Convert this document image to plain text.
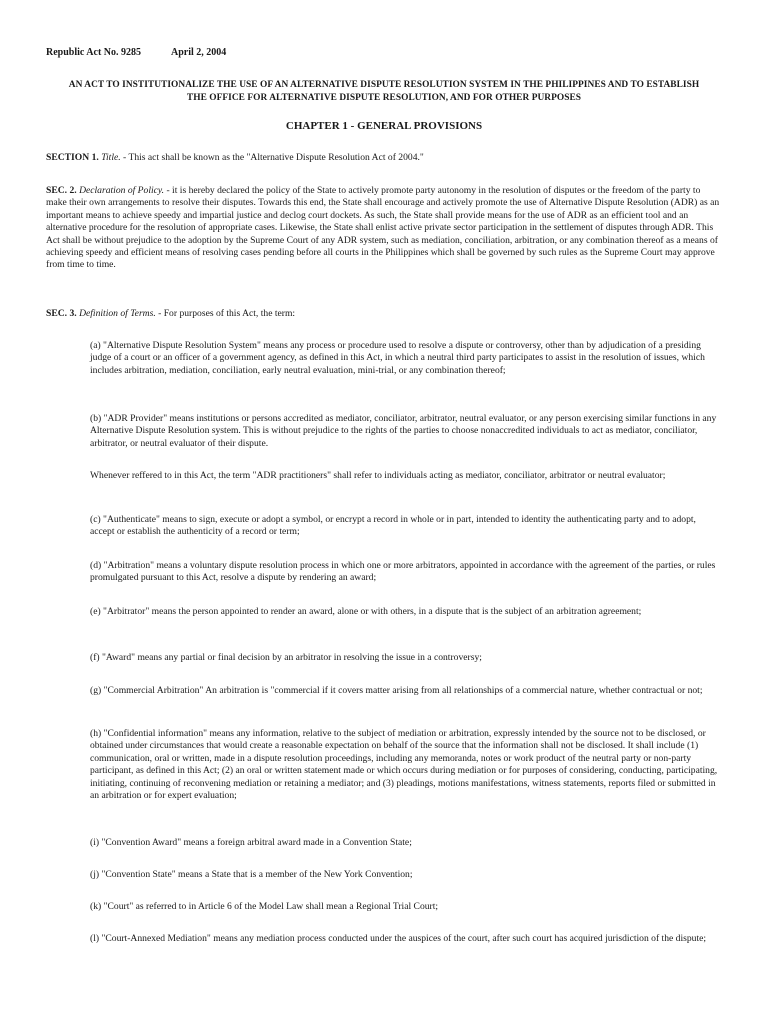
Republic Act No. 9285	April 2, 2004
AN ACT TO INSTITUTIONALIZE THE USE OF AN ALTERNATIVE DISPUTE RESOLUTION SYSTEM IN THE PHILIPPINES AND TO ESTABLISH
THE OFFICE FOR ALTERNATIVE DISPUTE RESOLUTION, AND FOR OTHER PURPOSES
CHAPTER 1 - GENERAL PROVISIONS
SECTION 1. Title. - This act shall be known as the "Alternative Dispute Resolution Act of 2004."
SEC. 2. Declaration of Policy. - it is hereby declared the policy of the State to actively promote party autonomy in the resolution of disputes or the freedom of the party to make their own arrangements to resolve their disputes. Towards this end, the State shall encourage and actively promote the use of Alternative Dispute Resolution (ADR) as an important means to achieve speedy and impartial justice and declog court dockets. As such, the State shall provide means for the use of ADR as an efficient tool and an alternative procedure for the resolution of appropriate cases. Likewise, the State shall enlist active private sector participation in the settlement of disputes through ADR. This Act shall be without prejudice to the adoption by the Supreme Court of any ADR system, such as mediation, conciliation, arbitration, or any combination thereof as a means of achieving speedy and efficient means of resolving cases pending before all courts in the Philippines which shall be governed by such rules as the Supreme Court may approve from time to time.
SEC. 3. Definition of Terms. - For purposes of this Act, the term:
(a) "Alternative Dispute Resolution System" means any process or procedure used to resolve a dispute or controversy, other than by adjudication of a presiding judge of a court or an officer of a government agency, as defined in this Act, in which a neutral third party participates to assist in the resolution of issues, which includes arbitration, mediation, conciliation, early neutral evaluation, mini-trial, or any combination thereof;
(b) "ADR Provider" means institutions or persons accredited as mediator, conciliator, arbitrator, neutral evaluator, or any person exercising similar functions in any Alternative Dispute Resolution system. This is without prejudice to the rights of the parties to choose nonaccredited individuals to act as mediator, conciliator, arbitrator, or neutral evaluator of their dispute.
Whenever reffered to in this Act, the term "ADR practitioners" shall refer to individuals acting as mediator, conciliator, arbitrator or neutral evaluator;
(c) "Authenticate" means to sign, execute or adopt a symbol, or encrypt a record in whole or in part, intended to identity the authenticating party and to adopt, accept or establish the authenticity of a record or term;
(d) "Arbitration" means a voluntary dispute resolution process in which one or more arbitrators, appointed in accordance with the agreement of the parties, or rules promulgated pursuant to this Act, resolve a dispute by rendering an award;
(e) "Arbitrator" means the person appointed to render an award, alone or with others, in a dispute that is the subject of an arbitration agreement;
(f) "Award" means any partial or final decision by an arbitrator in resolving the issue in a controversy;
(g) "Commercial Arbitration" An arbitration is "commercial if it covers matter arising from all relationships of a commercial nature, whether contractual or not;
(h) "Confidential information" means any information, relative to the subject of mediation or arbitration, expressly intended by the source not to be disclosed, or obtained under circumstances that would create a reasonable expectation on behalf of the source that the information shall not be disclosed. It shall include (1) communication, oral or written, made in a dispute resolution proceedings, including any memoranda, notes or work product of the neutral party or non-party participant, as defined in this Act; (2) an oral or written statement made or which occurs during mediation or for purposes of considering, conducting, participating, initiating, continuing of reconvening mediation or retaining a mediator; and (3) pleadings, motions manifestations, witness statements, reports filed or submitted in an arbitration or for expert evaluation;
(i) "Convention Award" means a foreign arbitral award made in a Convention State;
(j) "Convention State" means a State that is a member of the New York Convention;
(k) "Court" as referred to in Article 6 of the Model Law shall mean a Regional Trial Court;
(l) "Court-Annexed Mediation" means any mediation process conducted under the auspices of the court, after such court has acquired jurisdiction of the dispute;
